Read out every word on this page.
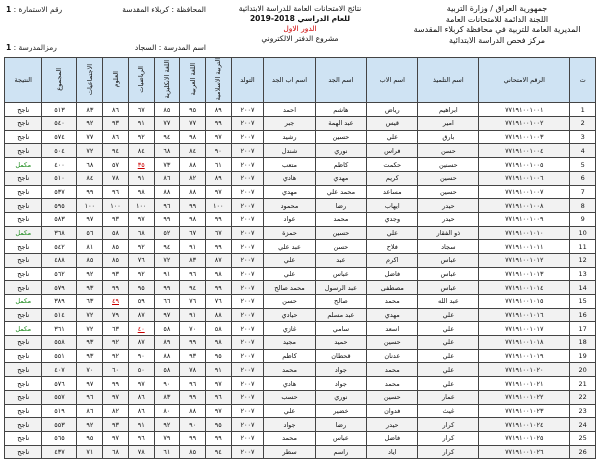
جمهورية العراق / وزارة التربية
اللجنة الدائمة للامتحانات العامة
المديرية العامة للتربية في محافظة كربلاء المقدسة
مركز فحص الدراسة الابتدائية
نتائج الامتحانات العامة للدراسة الابتدائية
للعام الدراسي 2018-2019
الدور الاول
مشروع الدفتر الالكتروني
المحافظة : كربلاء المقدسة
رقم الاستمارة : 1
اسم المدرسة : السجاد
رمزالمدرسة : 1
ت	الرقم الامتحاني	اسم التلميذ	اسم الاب	اسم الجد	اسم اب الجد	التولد	التربية الاسلامية	اللغة العربية	اللغة الانكليزية	الرياضيات	العلوم	الاجتماعيات	المجموع	النتيجة
1	٧٧١٩١٠٠١٠٠١	ابراهيم	رياض	هاشم	احمد	٢٠٠٧	٨٩	٩٥	٨٥	٦٧	٨٦	٨٣	٥١٣	ناجح
2	٧٧١٩١٠٠١٠٠٢	امير	قيس	عبد الهمة	جبر	٢٠٠٧	٩٩	٧٧	٧٧	٩١	٩٣	٩٢	٥٤٠	ناجح
3	٧٧١٩١٠٠١٠٠٣	بارق	علي	حسين	رشيد	٢٠٠٧	٩٧	٩٨	٩٤	٩٢	٨٦	٧٧	٥٧٤	ناجح
4	٧٧١٩١٠٠١٠٠٤	حسن	فراس	نوري	شندل	٢٠٠٧	٩٠	٨٤	٦٨	٨٤	٩٤	٧٢	٥٠٤	ناجح
5	٧٧١٩١٠٠١٠٠٥	حسنين	حكمت	كاظم	متعب	٢٠٠٧	٦١	٨٨	٧٣	٣٥	٥٧	٦٨	٤٠٠	مكمل
6	٧٧١٩١٠٠١٠٠٦	حسين	كريم	مهدي	هادي	٢٠٠٧	٨٩	٨٢	٨٦	٩١	٧٨	٨٤	٥١٠	ناجح
7	٧٧١٩١٠٠١٠٠٧	حسين	مساعد	محمد علي	مهدي	٢٠٠٧	٩٧	٨٨	٨٨	٩٨	٩٦	٩٩	٥٣٧	ناجح
8	٧٧١٩١٠٠١٠٠٨	حيدر	ايهاب	رضا	محمود	٢٠٠٧	١٠٠	٩٩	٩٦	١٠٠	١٠٠	١٠٠	٥٩٥	ناجح
9	٧٧١٩١٠٠١٠٠٩	حيدر	وجدي	محمد	عواد	٢٠٠٧	٩٩	٩٨	٩٩	٩٧	٩٣	٩٧	٥٨٣	ناجح
10	٧٧١٩١٠٠١٠١٠	ذو الفقار	علي	حسين	حمزة	٢٠٠٧	٦٧	٦٧	٥٢	٦٨	٥٨	٥٦	٣٦٨	مكمل
11	٧٧١٩١٠٠١٠١١	سجاد	فلاح	حسن	عبد علي	٢٠٠٧	٩٩	٩١	٩٤	٩٢	٨٥	٨١	٥٤٢	ناجح
12	٧٧١٩١٠٠١٠١٢	عباس	اكرم	عبد	علي	٢٠٠٧	٨٧	٨٣	٧٢	٧٦	٨٥	٨٥	٤٨٨	ناجح
13	٧٧١٩١٠٠١٠١٣	عباس	فاضل	عباس	علي	٢٠٠٧	٩٨	٩٦	٩١	٩٢	٩٣	٩٢	٥٦٢	ناجح
14	٧٧١٩١٠٠١٠١٤	عباس	مصطفى	عبد الرسول	محمد صالح	٢٠٠٧	٩٩	٩٤	٩٩	٩٥	٩٩	٩٣	٥٧٩	ناجح
15	٧٧١٩١٠٠١٠١٥	عبد الله	محمد	صالح	حسن	٢٠٠٧	٧٦	٧٦	٦٦	٥٩	٤٩	٦٣	٣٨٩	مكمل
16	٧٧١٩١٠٠١٠١٦	علي	مهدي	عبد مسلم	حيادي	٢٠٠٧	٨٨	٩١	٩٧	٨٧	٧٩	٧٢	٥١٤	ناجح
17	٧٧١٩١٠٠١٠١٧	علي	اسعد	سامي	غازي	٢٠٠٧	٥٨	٧٠	٥٨	٤٠	٦٣	٧٢	٣٦١	مكمل
18	٧٧١٩١٠٠١٠١٨	علي	حسين	حميد	مجيد	٢٠٠٧	٩٨	٩٩	٨٩	٨٧	٩٢	٩٣	٥٥٨	ناجح
19	٧٧١٩١٠٠١٠١٩	علي	عدنان	قحطان	كاظم	٢٠٠٧	٩٥	٩٣	٨٨	٩٠	٩٢	٩٣	٥٥١	ناجح
20	٧٧١٩١٠٠١٠٢٠	علي	محمد	جواد	محمد	٢٠٠٧	٩١	٧٨	٥٨	٥٠	٦٠	٧٠	٤٠٧	ناجح
21	٧٧١٩١٠٠١٠٢١	علي	محمد	جواد	هادي	٢٠٠٧	٩٧	٩٦	٩٠	٩٧	٩٩	٩٧	٥٧٦	ناجح
22	٧٧١٩١٠٠١٠٢٢	عمار	حسين	نوري	حسب	٢٠٠٧	٩٦	٩٩	٨٣	٨٦	٩٧	٩٦	٥٥٧	ناجح
23	٧٧١٩١٠٠١٠٢٣	غيث	فدوان	خضير	علي	٢٠٠٧	٩٧	٨٨	٨٠	٨٦	٨٢	٨٦	٥١٩	ناجح
24	٧٧١٩١٠٠١٠٢٤	كرار	حيدر	رضا	جواد	٢٠٠٧	٩٥	٩٠	٩٢	٩١	٩٣	٩٢	٥٥٣	ناجح
25	٧٧١٩١٠٠١٠٢٥	كرار	فاضل	عباس	محمد	٢٠٠٧	٩٩	٩٩	٧٩	٩٦	٩٧	٩٥	٥٦٥	ناجح
26	٧٧١٩١٠٠١٠٢٦	كرار	اياد	راسم	سطر	٢٠٠٧	٩٤	٨٥	٦١	٧٨	٦٨	٧١	٤٣٧	ناجح
